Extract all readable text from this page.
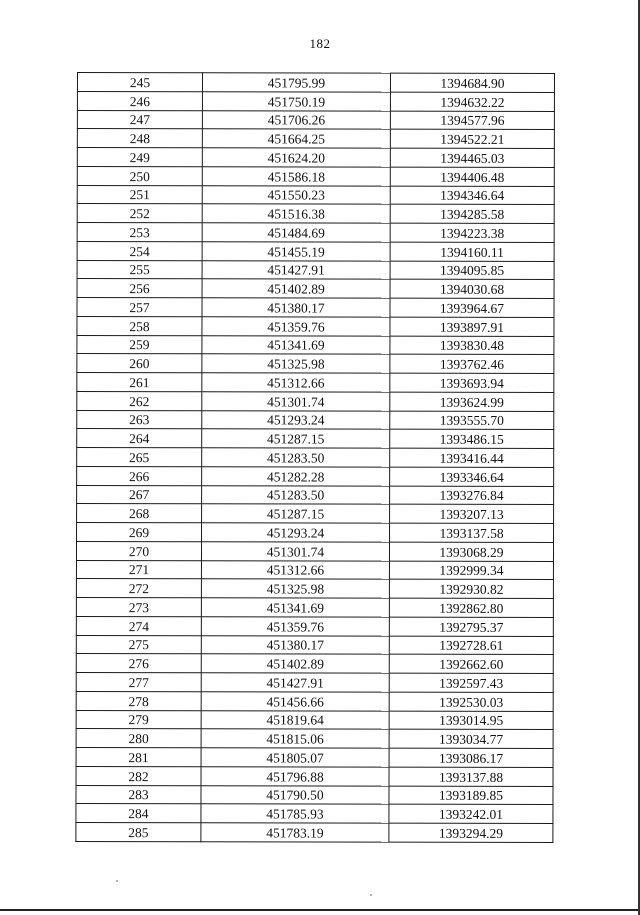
182
245	451795.99	1394684.90
246	451750.19	1394632.22
247	451706.26	1394577.96
248	451664.25	1394522.21
249	451624.20	1394465.03
250	451586.18	1394406.48
251	451550.23	1394346.64
252	451516.38	1394285.58
253	451484.69	1394223.38
254	451455.19	1394160.11
255	451427.91	1394095.85
256	451402.89	1394030.68
257	451380.17	1393964.67
258	451359.76	1393897.91
259	451341.69	1393830.48
260	451325.98	1393762.46
261	451312.66	1393693.94
262	451301.74	1393624.99
263	451293.24	1393555.70
264	451287.15	1393486.15
265	451283.50	1393416.44
266	451282.28	1393346.64
267	451283.50	1393276.84
268	451287.15	1393207.13
269	451293.24	1393137.58
270	451301.74	1393068.29
271	451312.66	1392999.34
272	451325.98	1392930.82
273	451341.69	1392862.80
274	451359.76	1392795.37
275	451380.17	1392728.61
276	451402.89	1392662.60
277	451427.91	1392597.43
278	451456.66	1392530.03
279	451819.64	1393014.95
280	451815.06	1393034.77
281	451805.07	1393086.17
282	451796.88	1393137.88
283	451790.50	1393189.85
284	451785.93	1393242.01
285	451783.19	1393294.29
